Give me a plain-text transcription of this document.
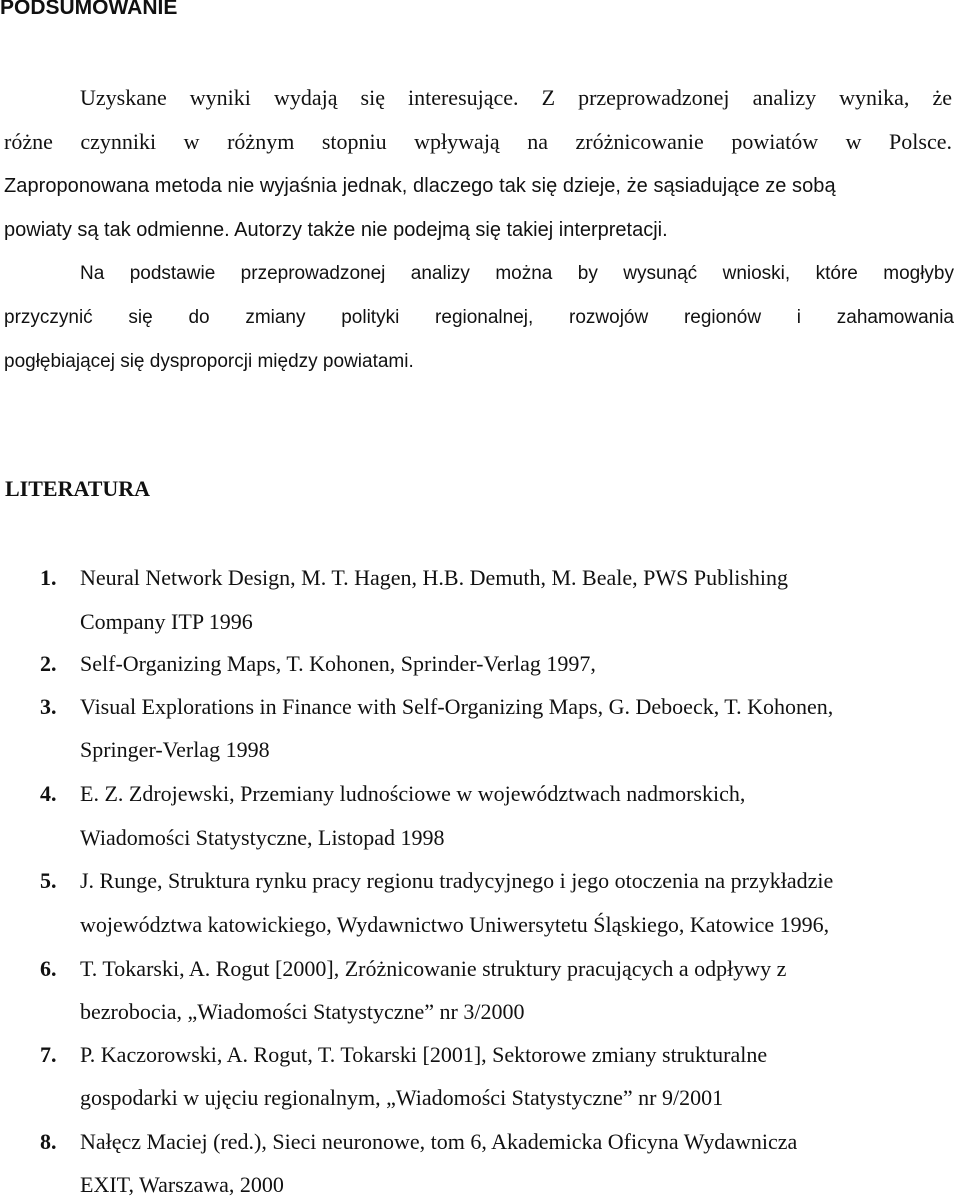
PODSUMOWANIE

Uzyskane wyniki wydają się interesujące. Z przeprowadzonej analizy wynika, że

różne czynniki w różnym stopniu wpływają na zróżnicowanie powiatów w Polsce.

Zaproponowana metoda nie wyjaśnia jednak, dlaczego tak się dzieje, że sąsiadujące ze sobą

powiaty są tak odmienne. Autorzy także nie podejmą się takiej interpretacji.

Na podstawie przeprowadzonej analizy można by wysunąć wnioski, które mogłyby

przyczynić się do zmiany polityki regionalnej, rozwojów regionów i zahamowania

pogłębiającej się dysproporcji między powiatami.

LITERATURA
1. Neural Network Design, M. T. Hagen, H.B. Demuth, M. Beale, PWS Publishing
Company ITP 1996
2. Self-Organizing Maps, T. Kohonen, Sprinder-Verlag 1997,
3. Visual Explorations in Finance with Self-Organizing Maps, G. Deboeck, T. Kohonen,
Springer-Verlag 1998
4. E. Z. Zdrojewski, Przemiany ludnościowe w województwach nadmorskich,
Wiadomości Statystyczne, Listopad 1998
5. J. Runge, Struktura rynku pracy regionu tradycyjnego i jego otoczenia na przykładzie
województwa katowickiego, Wydawnictwo Uniwersytetu Śląskiego, Katowice 1996,
6. T. Tokarski, A. Rogut [2000], Zróżnicowanie struktury pracujących a odpływy z
bezrobocia, „Wiadomości Statystyczne” nr 3/2000
7. P. Kaczorowski, A. Rogut, T. Tokarski [2001], Sektorowe zmiany strukturalne
gospodarki w ujęciu regionalnym, „Wiadomości Statystyczne” nr 9/2001
8. Nałęcz Maciej (red.), Sieci neuronowe, tom 6, Akademicka Oficyna Wydawnicza
EXIT, Warszawa, 2000
